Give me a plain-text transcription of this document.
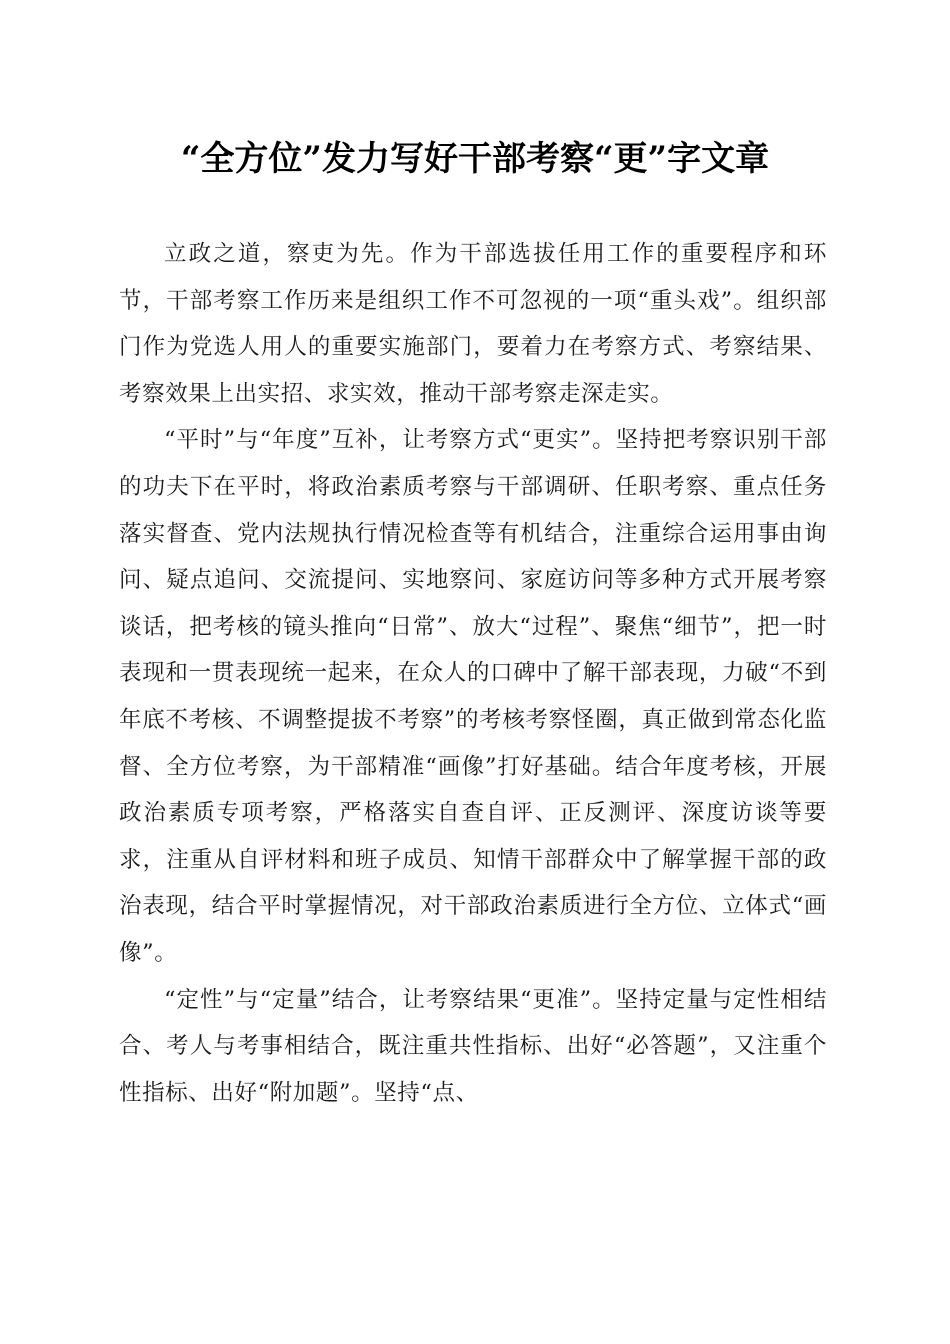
“全方位”发力写好干部考察“更”字文章

立政之道，察吏为先。作为干部选拔任用工作的重要程序和环节，干部考察工作历来是组织工作不可忽视的一项“重头戏”。组织部门作为党选人用人的重要实施部门，要着力在考察方式、考察结果、考察效果上出实招、求实效，推动干部考察走深走实。

“平时”与“年度”互补，让考察方式“更实”。坚持把考察识别干部的功夫下在平时，将政治素质考察与干部调研、任职考察、重点任务落实督查、党内法规执行情况检查等有机结合，注重综合运用事由询问、疑点追问、交流提问、实地察问、家庭访问等多种方式开展考察谈话，把考核的镜头推向“日常”、放大“过程”、聚焦“细节”，把一时表现和一贯表现统一起来，在众人的口碑中了解干部表现，力破“不到年底不考核、不调整提拔不考察”的考核考察怪圈，真正做到常态化监督、全方位考察，为干部精准“画像”打好基础。结合年度考核，开展政治素质专项考察，严格落实自查自评、正反测评、深度访谈等要求，注重从自评材料和班子成员、知情干部群众中了解掌握干部的政治表现，结合平时掌握情况，对干部政治素质进行全方位、立体式“画像”。

“定性”与“定量”结合，让考察结果“更准”。坚持定量与定性相结合、考人与考事相结合，既注重共性指标、出好“必答题”，又注重个性指标、出好“附加题”。坚持“点、
